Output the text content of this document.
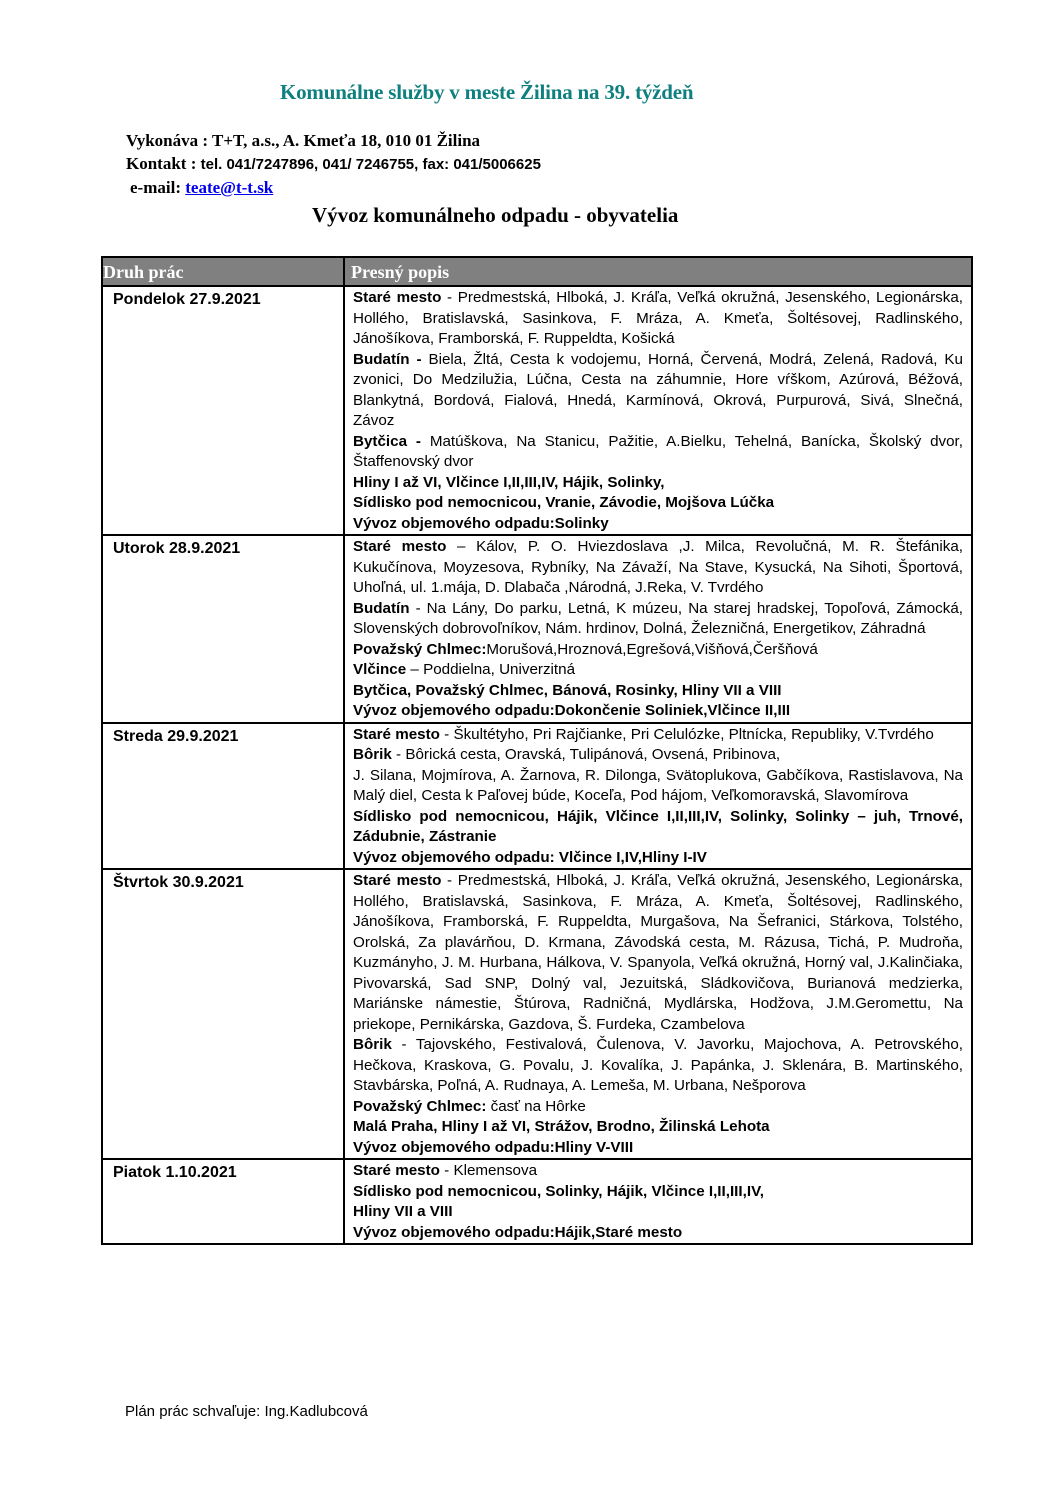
Komunálne služby v meste Žilina na 39. týždeň
Vykonáva : T+T, a.s., A. Kmeťa 18, 010 01 Žilina
Kontakt : tel. 041/7247896, 041/ 7246755, fax: 041/5006625
e-mail: teate@t-t.sk
Vývoz komunálneho odpadu - obyvatelia
Druh prác	Presný popis
Pondelok 27.9.2021	Staré mesto - Predmestská, Hlboká, J. Kráľa, Veľká okružná, Jesenského, Legionárska, Hollého, Bratislavská, Sasinkova, F. Mráza, A. Kmeťa, Šoltésovej, Radlinského, Jánošíkova, Framborská, F. Ruppeldta, Košická

Budatín - Biela, Žltá, Cesta k vodojemu, Horná, Červená, Modrá, Zelená, Radová, Ku zvonici, Do Medzilužia, Lúčna, Cesta na záhumnie, Hore vŕškom, Azúrová, Béžová, Blankytná, Bordová, Fialová, Hnedá, Karmínová, Okrová, Purpurová, Sivá, Slnečná, Závoz

Bytčica - Matúškova, Na Stanicu, Pažitie, A.Bielku, Tehelná, Banícka, Školský dvor, Štaffenovský dvor

Hliny I až VI, Vlčince I,II,III,IV, Hájik, Solinky,

Sídlisko pod nemocnicou, Vranie, Závodie, Mojšova Lúčka

Vývoz objemového odpadu:Solinky

Utorok 28.9.2021	Staré mesto – Kálov, P. O. Hviezdoslava ,J. Milca, Revolučná, M. R. Štefánika, Kukučínova, Moyzesova, Rybníky, Na Závaží, Na Stave, Kysucká, Na Sihoti, Športová, Uhoľná, ul. 1.mája, D. Dlabača ,Národná, J.Reka, V. Tvrdého

Budatín - Na Lány, Do parku, Letná, K múzeu, Na starej hradskej, Topoľová, Zámocká, Slovenských dobrovoľníkov, Nám. hrdinov, Dolná, Železničná, Energetikov, Záhradná

Považský Chlmec:Morušová,Hroznová,Egrešová,Višňová,Čeršňová

Vlčince – Poddielna, Univerzitná

Bytčica, Považský Chlmec, Bánová, Rosinky, Hliny VII a VIII

Vývoz objemového odpadu:Dokončenie Soliniek,Vlčince II,III

Streda 29.9.2021	Staré mesto - Škultétyho, Pri Rajčianke, Pri Celulózke, Pltnícka, Republiky, V.Tvrdého

Bôrik - Bôrická cesta, Oravská, Tulipánová, Ovsená, Pribinova,

J. Silana, Mojmírova, A. Žarnova, R. Dilonga, Svätoplukova, Gabčíkova, Rastislavova, Na Malý diel, Cesta k Paľovej búde, Koceľa, Pod hájom, Veľkomoravská, Slavomírova

Sídlisko pod nemocnicou, Hájik, Vlčince I,II,III,IV, Solinky, Solinky – juh, Trnové, Zádubnie, Zástranie

Vývoz objemového odpadu: Vlčince I,IV,Hliny I-IV

Štvrtok 30.9.2021	Staré mesto - Predmestská, Hlboká, J. Kráľa, Veľká okružná, Jesenského, Legionárska, Hollého, Bratislavská, Sasinkova, F. Mráza, A. Kmeťa, Šoltésovej, Radlinského, Jánošíkova, Framborská, F. Ruppeldta, Murgašova, Na Šefranici, Stárkova, Tolstého, Orolská, Za plavárňou, D. Krmana, Závodská cesta, M. Rázusa, Tichá, P. Mudroňa, Kuzmányho, J. M. Hurbana, Hálkova, V. Spanyola, Veľká okružná, Horný val, J.Kalinčiaka, Pivovarská, Sad SNP, Dolný val, Jezuitská, Sládkovičova, Burianová medzierka, Mariánske námestie, Štúrova, Radničná, Mydlárska, Hodžova, J.M.Geromettu, Na priekope, Pernikárska, Gazdova, Š. Furdeka, Czambelova

Bôrik - Tajovského, Festivalová, Čulenova, V. Javorku, Majochova, A. Petrovského, Hečkova, Kraskova, G. Povalu, J. Kovalíka, J. Papánka, J. Sklenára, B. Martinského, Stavbárska, Poľná, A. Rudnaya, A. Lemeša, M. Urbana, Nešporova

Považský Chlmec: časť na Hôrke

Malá Praha, Hliny I až VI, Strážov, Brodno, Žilinská Lehota

Vývoz objemového odpadu:Hliny V-VIII

Piatok 1.10.2021	Staré mesto - Klemensova

Sídlisko pod nemocnicou, Solinky, Hájik, Vlčince I,II,III,IV,

Hliny VII a VIII

Vývoz objemového odpadu:Hájik,Staré mesto

Plán prác schvaľuje: Ing.Kadlubcová
